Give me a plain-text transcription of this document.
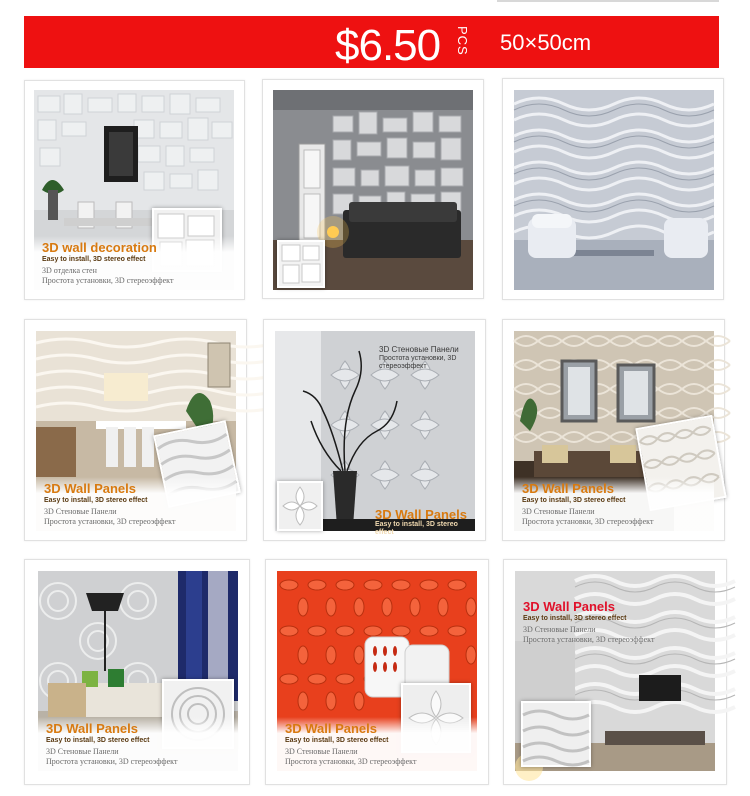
$6.50 PCS 50×50cm
3D wall decoration
Easy to install, 3D stereo effect
3D отделка стен
Простота установки, 3D стереоэффект
3D Wall Panels
Easy to install, 3D stereo effect
3D Стеновые Панели
Простота установки, 3D стереоэффект
3D Стеновые Панели
Простота установки, 3D стереоэффект
3D Wall Panels
Easy to install, 3D stereo effect
3D Wall Panels
Easy to install, 3D stereo effect
3D Стеновые Панели
Простота установки, 3D стереоэффект
3D Wall Panels
Easy to install, 3D stereo effect
3D Стеновые Панели
Простота установки, 3D стереоэффект
3D Wall Panels
Easy to install, 3D stereo effect
3D Стеновые Панели
Простота установки, 3D стереоэффект
3D Wall Panels
Easy to install, 3D stereo effect
3D Стеновые Панели
Простота установки, 3D стереоэффект
